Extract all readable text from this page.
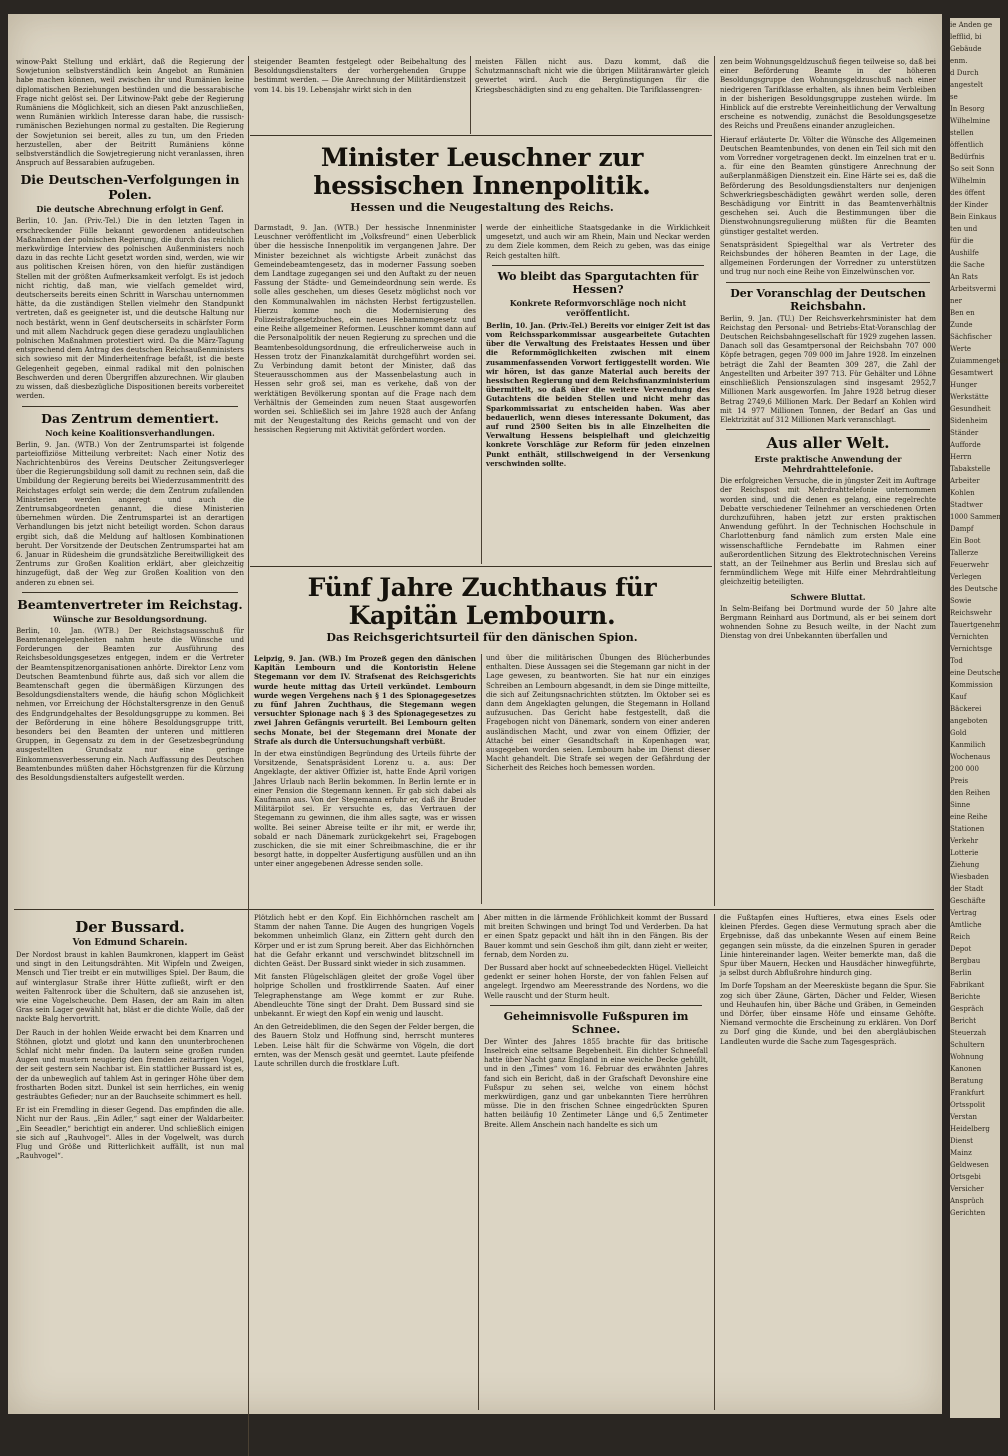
winow-Pakt Stellung und erklärt, daß die Regierung der Sowjetunion selbstverständlich kein Angebot an Rumänien habe machen können, weil zwischen ihr und Rumänien keine diplomatischen Beziehungen bestünden und die bessarabische Frage nicht gelöst sei. Der Litwinow-Pakt gebe der Regierung Rumäniens die Möglichkeit, sich an diesen Pakt anzuschließen, wenn Rumänien wirklich Interesse daran habe, die russisch-rumänischen Beziehungen normal zu gestalten. Die Regierung der Sowjetunion sei bereit, alles zu tun, um den Frieden herzustellen, aber der Beitritt Rumäniens könne selbstverständlich die Sowjetregierung nicht veranlassen, ihren Anspruch auf Bessarabien aufzugeben.

Die Deutschen-Verfolgungen in Polen.
Die deutsche Abrechnung erfolgt in Genf.

Berlin, 10. Jan. (Priv.-Tel.) Die in den letzten Tagen in erschreckender Fülle bekannt gewordenen antideutschen Maßnahmen der polnischen Regierung, die durch das reichlich merkwürdige Interview des polnischen Außenministers noch dazu in das rechte Licht gesetzt worden sind, werden, wie wir aus politischen Kreisen hören, von den hiefür zuständigen Stellen mit der größten Aufmerksamkeit verfolgt. Es ist jedoch nicht richtig, daß man, wie vielfach gemeldet wird, deutscherseits bereits einen Schritt in Warschau unternommen hätte, da die zuständigen Stellen vielmehr den Standpunkt vertreten, daß es geeigneter ist, und die deutsche Haltung nur noch bestärkt, wenn in Genf deutscherseits in schärfster Form und mit allem Nachdruck gegen diese geradezu unglaublichen polnischen Maßnahmen protestiert wird. Da die März-Tagung entsprechend dem Antrag des deutschen Reichsaußenministers sich sowieso mit der Minderheitenfrage befaßt, ist die beste Gelegenheit gegeben, einmal radikal mit den polnischen Beschwerden und deren Übergriffen abzurechnen. Wir glauben zu wissen, daß diesbezügliche Dispositionen bereits vorbereitet werden.

Das Zentrum dementiert.
Noch keine Koalitionsverhandlungen.

Berlin, 9. Jan. (WTB.) Von der Zentrumspartei ist folgende parteioffiziöse Mitteilung verbreitet: Nach einer Notiz des Nachrichtenbüros des Vereins Deutscher Zeitungsverleger über die Regierungsbildung soll damit zu rechnen sein, daß die Umbildung der Regierung bereits bei Wiederzusammentritt des Reichstages erfolgt sein werde; die dem Zentrum zufallenden Ministerien werden angeregt und auch die Zentrumsabgeordneten genannt, die diese Ministerien übernehmen würden. Die Zentrumspartei ist an derartigen Verhandlungen bis jetzt nicht beteiligt worden. Schon daraus ergibt sich, daß die Meldung auf haltlosen Kombinationen beruht. Der Vorsitzende der Deutschen Zentrumspartei hat am 6. Januar in Rüdesheim die grundsätzliche Bereitwilligkeit des Zentrums zur Großen Koalition erklärt, aber gleichzeitig hinzugefügt, daß der Weg zur Großen Koalition von den anderen zu ebnen sei.

Beamtenvertreter im Reichstag.
Wünsche zur Besoldungsordnung.

Berlin, 10. Jan. (WTB.) Der Reichstagsausschuß für Beamtenangelegenheiten nahm heute die Wünsche und Forderungen der Beamten zur Ausführung des Reichsbesoldungsgesetzes entgegen, indem er die Vertreter der Beamtenspitzenorganisationen anhörte. Direktor Lenz vom Deutschen Beamtenbund führte aus, daß sich vor allem die Beamtenschaft gegen die übermäßigen Kürzungen des Besoldungsdienstalters wende, die häufig schon Möglichkeit nehmen, vor Erreichung der Höchstaltersgrenze in den Genuß des Endgrundgehaltes der Besoldungsgruppe zu kommen. Bei der Beförderung in eine höhere Besoldungsgruppe tritt, besonders bei den Beamten der unteren und mittleren Gruppen, in Gegensatz zu dem in der Gesetzesbegründung ausgestellten Grundsatz nur eine geringe Einkommensverbesserung ein. Nach Auffassung des Deutschen Beamtenbundes müßten daher Höchstgrenzen für die Kürzung des Besoldungsdienstalters aufgestellt werden.

steigender Beamten festgelegt oder Beibehaltung des Besoldungsdienstalters der vorhergehenden Gruppe bestimmt werden. — Die Anrechnung der Militärdienstzeit vom 14. bis 19. Lebensjahr wirkt sich in den

meisten Fällen nicht aus. Dazu kommt, daß die Schutzmannschaft nicht wie die übrigen Militäranwärter gleich gewertet wird. Auch die Bergünstigungen für die Kriegsbeschädigten sind zu eng gehalten. Die Tarifklassengren-

Minister Leuschner zur hessischen Innenpolitik.
Hessen und die Neugestaltung des Reichs.

Darmstadt, 9. Jan. (WTB.) Der hessische Innenminister Leuschner veröffentlicht im „Volksfreund“ einen Ueberblick über die hessische Innenpolitik im vergangenen Jahre. Der Minister bezeichnet als wichtigste Arbeit zunächst das Gemeindebeamtengesetz, das in moderner Fassung soeben dem Landtage zugegangen sei und den Auftakt zu der neuen Fassung der Städte- und Gemeindeordnung sein werde. Es solle alles geschehen, um dieses Gesetz möglichst noch vor den Kommunalwahlen im nächsten Herbst fertigzustellen. Hierzu komme noch die Modernisierung des Polizeistrafgesetzbuches, ein neues Hebammengesetz und eine Reihe allgemeiner Reformen. Leuschner kommt dann auf die Personalpolitik der neuen Regierung zu sprechen und die Beamtenbesoldungsordnung, die erfreulicherweise auch in Hessen trotz der Finanzkalamität durchgeführt worden sei. Zu Verbindung damit betont der Minister, daß das Steuerausschommen aus der Massenbelastung auch in Hessen sehr groß sei, man es verkehe, daß von der werktätigen Bevölkerung spontan auf die Frage nach dem Verhältnis der Gemeinden zum neuen Staat ausgeworfen worden sei. Schließlich sei im Jahre 1928 auch der Anfang mit der Neugestaltung des Reichs gemacht und von der hessischen Regierung mit Aktivität gefördert worden.

werde der einheitliche Staatsgedanke in die Wirklichkeit umgesetzt, und auch wir am Rhein, Main und Neckar werden zu dem Ziele kommen, dem Reich zu geben, was das einige Reich gestalten hilft.

Wo bleibt das Spargutachten für Hessen?
Konkrete Reformvorschläge noch nicht veröffentlicht.

Berlin, 10. Jan. (Priv.-Tel.) Bereits vor einiger Zeit ist das vom Reichssparkommissar ausgearbeitete Gutachten über die Verwaltung des Freistaates Hessen und über die Reformmöglichkeiten zwischen mit einem zusammenfassenden Vorwort fertiggestellt worden. Wie wir hören, ist das ganze Material auch bereits der hessischen Regierung und dem Reichsfinanzministerium übermittelt, so daß über die weitere Verwendung des Gutachtens die beiden Stellen und nicht mehr das Sparkommissariat zu entscheiden haben. Was aber bedauerlich, wenn dieses interessante Dokument, das auf rund 2500 Seiten bis in alle Einzelheiten die Verwaltung Hessens beispielhaft und gleichzeitig konkrete Vorschläge zur Reform für jeden einzelnen Punkt enthält, stillschweigend in der Versenkung verschwinden sollte.

Fünf Jahre Zuchthaus für Kapitän Lembourn.
Das Reichsgerichtsurteil für den dänischen Spion.

Leipzig, 9. Jan. (WB.) Im Prozeß gegen den dänischen Kapitän Lembourn und die Kontoristin Helene Stegemann vor dem IV. Strafsenat des Reichsgerichts wurde heute mittag das Urteil verkündet. Lembourn wurde wegen Vergehens nach § 1 des Spionagegesetzes zu fünf Jahren Zuchthaus, die Stegemann wegen versuchter Spionage nach § 3 des Spionagegesetzes zu zwei Jahren Gefängnis verurteilt. Bei Lembourn gelten sechs Monate, bei der Stegemann drei Monate der Strafe als durch die Untersuchungshaft verbüßt.

In der etwa einstündigen Begründung des Urteils führte der Vorsitzende, Senatspräsident Lorenz u. a. aus: Der Angeklagte, der aktiver Offizier ist, hatte Ende April vorigen Jahres Urlaub nach Berlin bekommen. In Berlin lernte er in einer Pension die Stegemann kennen. Er gab sich dabei als Kaufmann aus. Von der Stegemann erfuhr er, daß ihr Bruder Militärpilot sei. Er versuchte es, das Vertrauen der Stegemann zu gewinnen, die ihm alles sagte, was er wissen wollte. Bei seiner Abreise teilte er ihr mit, er werde ihr, sobald er nach Dänemark zurückgekehrt sei, Fragebogen zuschicken, die sie mit einer Schreibmaschine, die er ihr besorgt hatte, in doppelter Ausfertigung ausfüllen und an ihn unter einer angegebenen Adresse senden solle.

und über die militärischen Übungen des Blücherbundes enthalten. Diese Aussagen sei die Stegemann gar nicht in der Lage gewesen, zu beantworten. Sie hat nur ein einziges Schreiben an Lembourn abgesandt, in dem sie Dinge mitteilte, die sich auf Zeitungsnachrichten stützten. Im Oktober sei es dann dem Angeklagten gelungen, die Stegemann in Holland aufzusuchen. Das Gericht habe festgestellt, daß die Fragebogen nicht von Dänemark, sondern von einer anderen ausländischen Macht, und zwar von einem Offizier, der Attaché bei einer Gesandtschaft in Kopenhagen war, ausgegeben worden seien. Lembourn habe im Dienst dieser Macht gehandelt. Die Strafe sei wegen der Gefährdung der Sicherheit des Reiches hoch bemessen worden.

zen beim Wohnungsgeldzuschuß fiegen teilweise so, daß bei einer Beförderung Beamte in der höheren Besoldungsgruppe den Wohnungsgeldzuschuß nach einer niedrigeren Tarifklasse erhalten, als ihnen beim Verbleiben in der bisherigen Besoldungsgruppe zustehen würde. Im Hinblick auf die erstrebte Vereinheitlichung der Verwaltung erscheine es notwendig, zunächst die Besoldungsgesetze des Reichs und Preußens einander anzugleichen.

Hierauf erläuterte Dr. Völter die Wünsche des Allgemeinen Deutschen Beamtenbundes, von denen ein Teil sich mit den vom Vorredner vorgetragenen deckt. Im einzelnen trat er u. a. für eine den Beamten günstigere Anrechnung der außerplanmäßigen Dienstzeit ein. Eine Härte sei es, daß die Beförderung des Besoldungsdienstalters nur denjenigen Schwerkriegsbeschädigten gewährt werden solle, deren Beschädigung vor Eintritt in das Beamtenverhältnis geschehen sei. Auch die Bestimmungen über die Dienstwohnungsregulierung müßten für die Beamten günstiger gestaltet werden.

Senatspräsident Spiegelthal war als Vertreter des Reichsbundes der höheren Beamten in der Lage, die allgemeinen Forderungen der Vorredner zu unterstützen und trug nur noch eine Reihe von Einzelwünschen vor.

Der Voranschlag der Deutschen Reichsbahn.

Berlin, 9. Jan. (TU.) Der Reichsverkehrsminister hat dem Reichstag den Personal- und Betriebs-Etat-Voranschlag der Deutschen Reichsbahngesellschaft für 1929 zugehen lassen. Danach soll das Gesamtpersonal der Reichsbahn 707 000 Köpfe betragen, gegen 709 000 im Jahre 1928. Im einzelnen beträgt die Zahl der Beamten 309 287, die Zahl der Angestellten und Arbeiter 397 713. Für Gehälter und Löhne einschließlich Pensionszulagen sind insgesamt 2952,7 Millionen Mark ausgeworfen. Im Jahre 1928 betrug dieser Betrag 2749,6 Millionen Mark. Der Bedarf an Kohlen wird mit 14 977 Millionen Tonnen, der Bedarf an Gas und Elektrizität auf 312 Millionen Mark veranschlagt.

Aus aller Welt.
Erste praktische Anwendung der Mehrdrahttelefonie.

Die erfolgreichen Versuche, die in jüngster Zeit im Auftrage der Reichspost mit Mehrdrahttelefonie unternommen worden sind, und die denen es gelang, eine regelrechte Debatte verschiedener Teilnehmer an verschiedenen Orten durchzuführen, haben jetzt zur ersten praktischen Anwendung geführt. In der Technischen Hochschule in Charlottenburg fand nämlich zum ersten Male eine wissenschaftliche Ferndebatte im Rahmen einer außerordentlichen Sitzung des Elektrotechnischen Vereins statt, an der Teilnehmer aus Berlin und Breslau sich auf fernmündlichem Wege mit Hilfe einer Mehrdrahtleitung gleichzeitig beteiligten.

Schwere Bluttat.

In Selm-Beifang bei Dortmund wurde der 50 Jahre alte Bergmann Reinhard aus Dortmund, als er bei seinem dort wohnenden Sohne zu Besuch weilte, in der Nacht zum Dienstag von drei Unbekannten überfallen und

Der Bussard.
Von Edmund Scharein.

Der Nordost braust in kahlen Baumkronen, klappert im Geäst und singt in den Leitungsdrähten. Mit Wipfeln und Zweigen, Mensch und Tier treibt er ein mutwilliges Spiel. Der Baum, die auf winterglasur Straße ihrer Hütte zufließt, wirft er den weiten Faltenrock über die Schultern, daß sie anzusehen ist, wie eine Vogelscheuche. Dem Hasen, der am Rain im alten Gras sein Lager gewählt hat, bläst er die dichte Wolle, daß der nackte Balg hervortritt.

Der Rauch in der hohlen Weide erwacht bei dem Knarren und Stöhnen, glotzt und glotzt und kann den ununterbrochenen Schlaf nicht mehr finden. Da lautern seine großen runden Augen und mustern neugierig den fremden zeitarrigen Vogel, der seit gestern sein Nachbar ist. Ein stattlicher Bussard ist es, der da unbeweglich auf tahlem Ast in geringer Höhe über dem frostharten Boden sitzt. Dunkel ist sein herrliches, ein wenig gesträubtes Gefieder; nur an der Bauchseite schimmert es hell.

Er ist ein Fremdling in dieser Gegend. Das empfinden die alle. Nicht nur der Raus. „Ein Adler,“ sagt einer der Waldarbeiter. „Ein Seeadler,“ berichtigt ein anderer. Und schließlich einigen sie sich auf „Rauhvogel“. Alles in der Vogelwelt, was durch Flug und Größe und Ritterlichkeit auffällt, ist nun mal „Rauhvogel“.

Plötzlich hebt er den Kopf. Ein Eichhörnchen raschelt am Stamm der nahen Tanne. Die Augen des hungrigen Vogels bekommen unheimlich Glanz, ein Zittern geht durch den Körper und er ist zum Sprung bereit. Aber das Eichhörnchen hat die Gefahr erkannt und verschwindet blitzschnell im dichten Geäst. Der Bussard sinkt wieder in sich zusammen.

Mit fansten Flügelschlägen gleitet der große Vogel über holprige Schollen und frostklirrende Saaten. Auf einer Telegraphenstange am Wege kommt er zur Ruhe. Abendleuchte Töne singt der Draht. Dem Bussard sind sie unbekannt. Er wiegt den Kopf ein wenig und lauscht.

An den Getreideblimen, die den Segen der Felder bergen, die des Bauern Stolz und Hoffnung sind, herrscht munteres Leben. Leise hält für die Schwärme von Vögeln, die dort ernten, was der Mensch gesät und geerntet. Laute pfeifende Laute schrillen durch die frostklare Luft.

Aber mitten in die lärmende Fröhlichkeit kommt der Bussard mit breiten Schwingen und bringt Tod und Verderben. Da hat er einen Spatz gepackt und hält ihn in den Fängen. Bis der Bauer kommt und sein Geschoß ihm gilt, dann zieht er weiter, fernab, dem Norden zu.

Der Bussard aber hockt auf schneebedeckten Hügel. Vielleicht gedenkt er seiner hohen Horste, der von fahlen Felsen auf angelegt. Irgendwo am Meeresstrande des Nordens, wo die Welle rauscht und der Sturm heult.

Geheimnisvolle Fußspuren im Schnee.

Der Winter des Jahres 1855 brachte für das britische Inselreich eine seltsame Begebenheit. Ein dichter Schneefall hatte über Nacht ganz England in eine weiche Decke gehüllt, und in den „Times“ vom 16. Februar des erwähnten Jahres fand sich ein Bericht, daß in der Grafschaft Devonshire eine Fußspur zu sehen sei, welche von einem höchst merkwürdigen, ganz und gar unbekannten Tiere herrühren müsse. Die in den frischen Schnee eingedrückten Spuren hatten beiläufig 10 Zentimeter Länge und 6,5 Zentimeter Breite. Allem Anschein nach handelte es sich um

die Fußtapfen eines Huftieres, etwa eines Esels oder kleinen Pferdes. Gegen diese Vermutung sprach aber die Ergebnisse, daß das unbekannte Wesen auf einem Beine gegangen sein müsste, da die einzelnen Spuren in gerader Linie hintereinander lagen. Weiter bemerkte man, daß die Spur über Mauern, Hecken und Hausdächer hinwegführte, ja selbst durch Abflußrohre hindurch ging.

Im Dorfe Topsham an der Meeresküste begann die Spur. Sie zog sich über Zäune, Gärten, Dächer und Felder, Wiesen und Heuhaufen hin, über Bäche und Gräben, in Gemeinden und Dörfer, über einsame Höfe und einsame Gehöfte. Niemand vermochte die Erscheinung zu erklären. Von Dorf zu Dorf ging die Kunde, und bei den abergläubischen Landleuten wurde die Sache zum Tagesgespräch.

ie Anden ge
lefflid, bi
Gebäude
enm.
d Durch
angestelt
se
In Besorg
Wilhelmine
stellen
öffentlich
Bedürfnis
So seit Sonn
Wilhelmin
des öffent
der Kinder
Bein Einkaus
ten und
für die
Aushilfe
die Sache
An Rats
Arbeitsvermi
ner
Ben en
Zunde
Sächfischer
Werte
Zuiammengeten
Gesamtwert
Hunger
Werkstätte
Gesundheit
Sidenheim
Ständer
Aufforde
Herrn
Tabakstelle
Arbeiter
Kohlen
Stadtwer
1000 Sammen
Dampf
Ein Boot
Tallerze
Feuerwehr
Verlegen
des Deutsche
Sowie
Reichswehr
Tauertgenehm
Vernichten
Vernichtsge
Tod
eine Deutsche
Kommission
Kauf
Bäckerei
angeboten
Gold
Kanmilich
Wochenaus
200 000
Preis
den Reihen
Sinne
eine Reihe
Stationen
Verkehr
Lotterie
Ziehung
Wiesbaden
der Stadt
Geschäfte
Vertrag
Amtliche
Reich
Depot
Bergbau
Berlin
Fabrikant
Berichte
Gespräch
Bericht
Steuerzah
Schultern
Wohnung
Kanonen
Beratung
Frankfurt
Ortsspolit
Verstan
Heidelberg
Dienst
Mainz
Geldwesen
Ortsgebi
Versicher
Ansprüch
Gerichten
